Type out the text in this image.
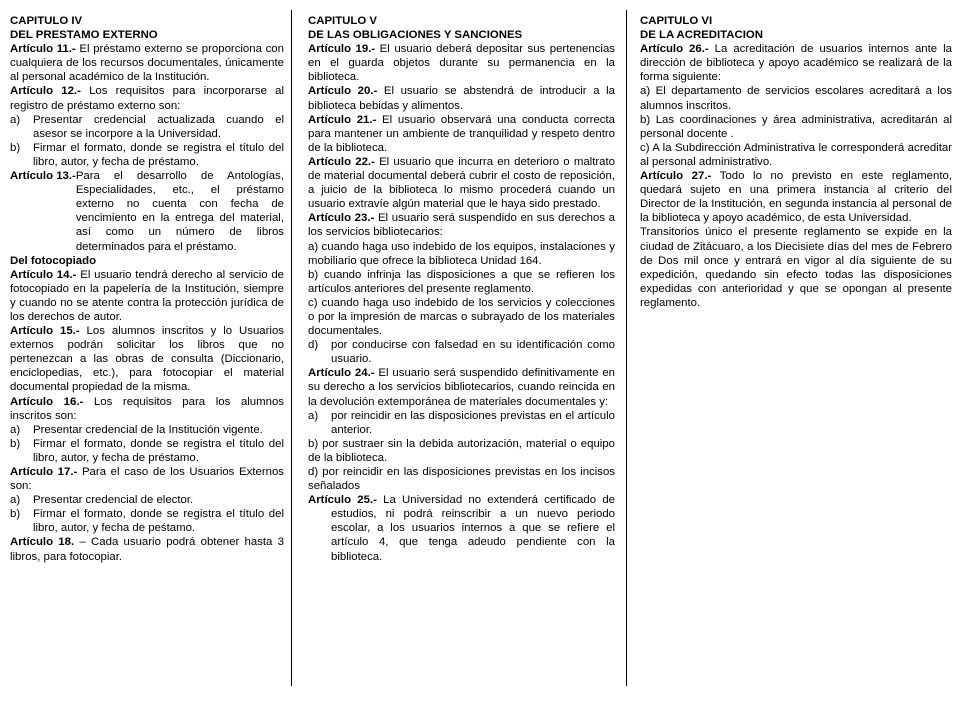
CAPITULO IV

DEL PRESTAMO EXTERNO

Artículo 11.- El préstamo externo se proporciona con cualquiera de los recursos documentales, únicamente al personal académico de la Institución.

Artículo 12.- Los requisitos para incorporarse al registro de préstamo externo son:

a)	Presentar credencial actualizada cuando el asesor se incorpore a la Universidad.
b)	Firmar el formato, donde se registra el título del libro, autor, y fecha de préstamo.
Artículo 13.- Para el desarrollo de Antologías, Especialidades, etc., el préstamo externo no cuenta con fecha de vencimiento en la entrega del material, así como un número de libros determinados para el préstamo.

Del fotocopiado

Artículo 14.- El usuario tendrá derecho al servicio de fotocopiado en la papelería de la Institución, siempre y cuando no se atente contra la protección jurídica de los derechos de autor.

Artículo 15.- Los alumnos inscritos y lo Usuarios externos podrán solicitar los libros que no pertenezcan a las obras de consulta (Diccionario, enciclopedias, etc.), para fotocopiar el material documental propiedad de la misma.

Artículo 16.- Los requisitos para los alumnos inscritos son:

a)	Presentar credencial de la Institución vigente.
b)	Firmar el formato, donde se registra el título del libro, autor, y fecha de préstamo.

Artículo 17.- Para el caso de los Usuarios Externos son:

a)	Presentar credencial de elector.
b)	Firmar el formato, donde se registra el título del libro, autor, y fecha de peśtamo.

Artículo 18. – Cada usuario podrá obtener hasta 3 libros, para fotocopiar.

CAPITULO V

DE LAS OBLIGACIONES Y SANCIONES

Artículo 19.- El usuario deberá depositar sus pertenencias en el guarda objetos durante su permanencia en la biblioteca.

Artículo 20.- El usuario se abstendrá de introducir a la biblioteca bebidas y alimentos.

Artículo 21.- El usuario observará una conducta correcta para mantener un ambiente de tranquilidad y respeto dentro de la biblioteca.

Artículo 22.- El usuario que incurra en deterioro o maltrato de material documental deberá cubrir el costo de reposición, a juicio de la biblioteca lo mismo procederá cuando un usuario extravíe algún material que le haya sido prestado.

Artículo 23.- El usuario será suspendido en sus derechos a los servicios bibliotecarios:

a) cuando haga uso indebido de los equipos, instalaciones y mobiliario que ofrece la biblioteca Unidad 164.

b) cuando infrinja las disposiciones a que se refieren los artículos anteriores del presente reglamento.

c) cuando haga uso indebido de los servicios y colecciones o por la impresión de marcas o subrayado de los materiales documentales.

d)	por conducirse con falsedad en su identificación como usuario.

Artículo 24.- El usuario será suspendido definitivamente en su derecho a los servicios bibliotecarios, cuando reincida en la devolución extemporánea de materiales documentales y:

a)	por reincidir en las disposiciones previstas en el artículo anterior.

b) por sustraer sin la debida autorización, material o equipo de la biblioteca.

d) por reincidir en las disposiciones previstas en los incisos señalados

Artículo 25.- La Universidad no extenderá certificado de estudios, ni podrá reinscribir a un nuevo periodo escolar, a los usuarios internos a que se refiere el artículo 4, que tenga adeudo pendiente con la biblioteca.

CAPITULO VI

DE LA ACREDITACION

Artículo 26.- La acreditación de usuarios internos ante la dirección de biblioteca y apoyo académico se realizará de la forma siguiente:

a) El departamento de servicios escolares acreditará a los alumnos inscritos.

b) Las coordinaciones y área administrativa, acreditarán al personal docente .

c) A la Subdirección Administrativa le corresponderá acreditar al personal administrativo.

Artículo 27.- Todo lo no previsto en este reglamento, quedará sujeto en una primera instancia al criterio del Director de la Institución, en segunda instancia al personal de la biblioteca y apoyo académico, de esta Universidad.

Transitorios único el presente reglamento se expide en la ciudad de Zitácuaro, a los Diecisiete días del mes de Febrero de Dos mil once y entrará en vigor al día siguiente de su expedición, quedando sin efecto todas las disposiciones expedidas con anterioridad y que se opongan al presente reglamento.
